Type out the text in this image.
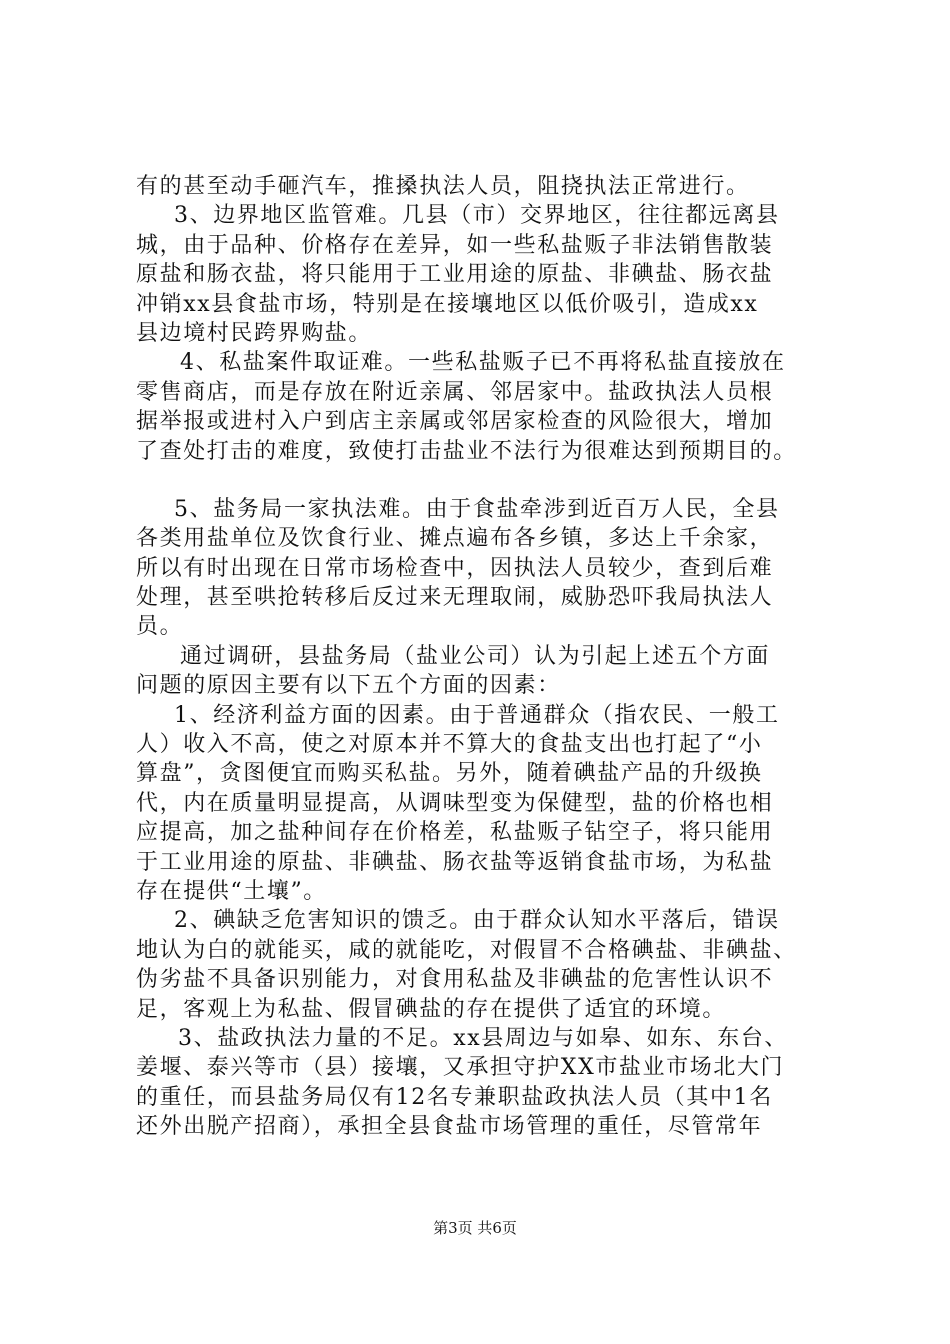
有的甚至动手砸汽车，推搡执法人员，阻挠执法正常进行。
3、边界地区监管难。几县（市）交界地区，往往都远离县
城，由于品种、价格存在差异，如一些私盐贩子非法销售散装
原盐和肠衣盐，将只能用于工业用途的原盐、非碘盐、肠衣盐
冲销xx县食盐市场，特别是在接壤地区以低价吸引，造成xx
县边境村民跨界购盐。
4、私盐案件取证难。一些私盐贩子已不再将私盐直接放在
零售商店，而是存放在附近亲属、邻居家中。盐政执法人员根
据举报或进村入户到店主亲属或邻居家检查的风险很大，增加
了查处打击的难度，致使打击盐业不法行为很难达到预期目的。
5、盐务局一家执法难。由于食盐牵涉到近百万人民，全县
各类用盐单位及饮食行业、摊点遍布各乡镇，多达上千余家，
所以有时出现在日常市场检查中，因执法人员较少，查到后难
处理，甚至哄抢转移后反过来无理取闹，威胁恐吓我局执法人
员。
通过调研，县盐务局（盐业公司）认为引起上述五个方面
问题的原因主要有以下五个方面的因素：
1、经济利益方面的因素。由于普通群众（指农民、一般工
人）收入不高，使之对原本并不算大的食盐支出也打起了“小
算盘”，贪图便宜而购买私盐。另外，随着碘盐产品的升级换
代，内在质量明显提高，从调味型变为保健型，盐的价格也相
应提高，加之盐种间存在价格差，私盐贩子钻空子，将只能用
于工业用途的原盐、非碘盐、肠衣盐等返销食盐市场，为私盐
存在提供“土壤”。
2、碘缺乏危害知识的馈乏。由于群众认知水平落后，错误
地认为白的就能买，咸的就能吃，对假冒不合格碘盐、非碘盐、
伪劣盐不具备识别能力，对食用私盐及非碘盐的危害性认识不
足，客观上为私盐、假冒碘盐的存在提供了适宜的环境。
3、盐政执法力量的不足。xx县周边与如皋、如东、东台、
姜堰、泰兴等市（县）接壤，又承担守护XX市盐业市场北大门
的重任，而县盐务局仅有12名专兼职盐政执法人员（其中1名
还外出脱产招商），承担全县食盐市场管理的重任，尽管常年
第3页 共6页
